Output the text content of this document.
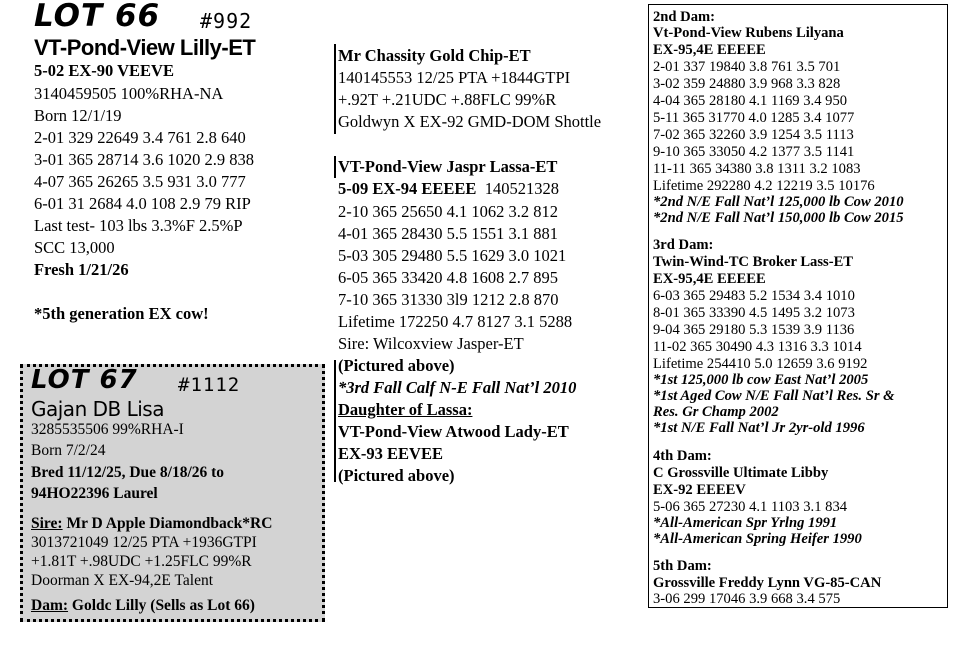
LOT 66 #992
VT-Pond-View Lilly-ET
5-02 EX-90 VEEVE
3140459505 100%RHA-NA
Born 12/1/19
2-01 329 22649 3.4 761 2.8 640
3-01 365 28714 3.6 1020 2.9 838
4-07 365 26265 3.5 931 3.0 777
6-01 31 2684 4.0 108 2.9 79 RIP
Last test- 103 lbs 3.3%F 2.5%P
SCC 13,000
Fresh 1/21/26
*5th generation EX cow!
LOT 67 #1112
Gajan DB Lisa
3285535506 99%RHA-I
Born 7/2/24
Bred 11/12/25, Due 8/18/26 to
94HO22396 Laurel
Sire: Mr D Apple Diamondback*RC
3013721049 12/25 PTA +1936GTPI
+1.81T +.98UDC +1.25FLC 99%R
Doorman X EX-94,2E Talent
Dam: Goldc Lilly (Sells as Lot 66)
Mr Chassity Gold Chip-ET
140145553 12/25 PTA +1844GTPI
+.92T +.21UDC +.88FLC 99%R
Goldwyn X EX-92 GMD-DOM Shottle
VT-Pond-View Jaspr Lassa-ET
5-09 EX-94 EEEEE 140521328
2-10 365 25650 4.1 1062 3.2 812
4-01 365 28430 5.5 1551 3.1 881
5-03 305 29480 5.5 1629 3.0 1021
6-05 365 33420 4.8 1608 2.7 895
7-10 365 31330 3l9 1212 2.8 870
Lifetime 172250 4.7 8127 3.1 5288
Sire: Wilcoxview Jasper-ET
(Pictured above)
*3rd Fall Calf N-E Fall Nat’l 2010
Daughter of Lassa:
VT-Pond-View Atwood Lady-ET
EX-93 EEVEE
(Pictured above)
2nd Dam:
Vt-Pond-View Rubens Lilyana
EX-95,4E EEEEE
2-01 337 19840 3.8 761 3.5 701
3-02 359 24880 3.9 968 3.3 828
4-04 365 28180 4.1 1169 3.4 950
5-11 365 31770 4.0 1285 3.4 1077
7-02 365 32260 3.9 1254 3.5 1113
9-10 365 33050 4.2 1377 3.5 1141
11-11 365 34380 3.8 1311 3.2 1083
Lifetime 292280 4.2 12219 3.5 10176
*2nd N/E Fall Nat’l 125,000 lb Cow 2010
*2nd N/E Fall Nat’l 150,000 lb Cow 2015
3rd Dam:
Twin-Wind-TC Broker Lass-ET
EX-95,4E EEEEE
6-03 365 29483 5.2 1534 3.4 1010
8-01 365 33390 4.5 1495 3.2 1073
9-04 365 29180 5.3 1539 3.9 1136
11-02 365 30490 4.3 1316 3.3 1014
Lifetime 254410 5.0 12659 3.6 9192
*1st 125,000 lb cow East Nat’l 2005
*1st Aged Cow N/E Fall Nat’l Res. Sr &
Res. Gr Champ 2002
*1st N/E Fall Nat’l Jr 2yr-old 1996
4th Dam:
C Grossville Ultimate Libby
EX-92 EEEEV
5-06 365 27230 4.1 1103 3.1 834
*All-American Spr Yrlng 1991
*All-American Spring Heifer 1990
5th Dam:
Grossville Freddy Lynn VG-85-CAN
3-06 299 17046 3.9 668 3.4 575
